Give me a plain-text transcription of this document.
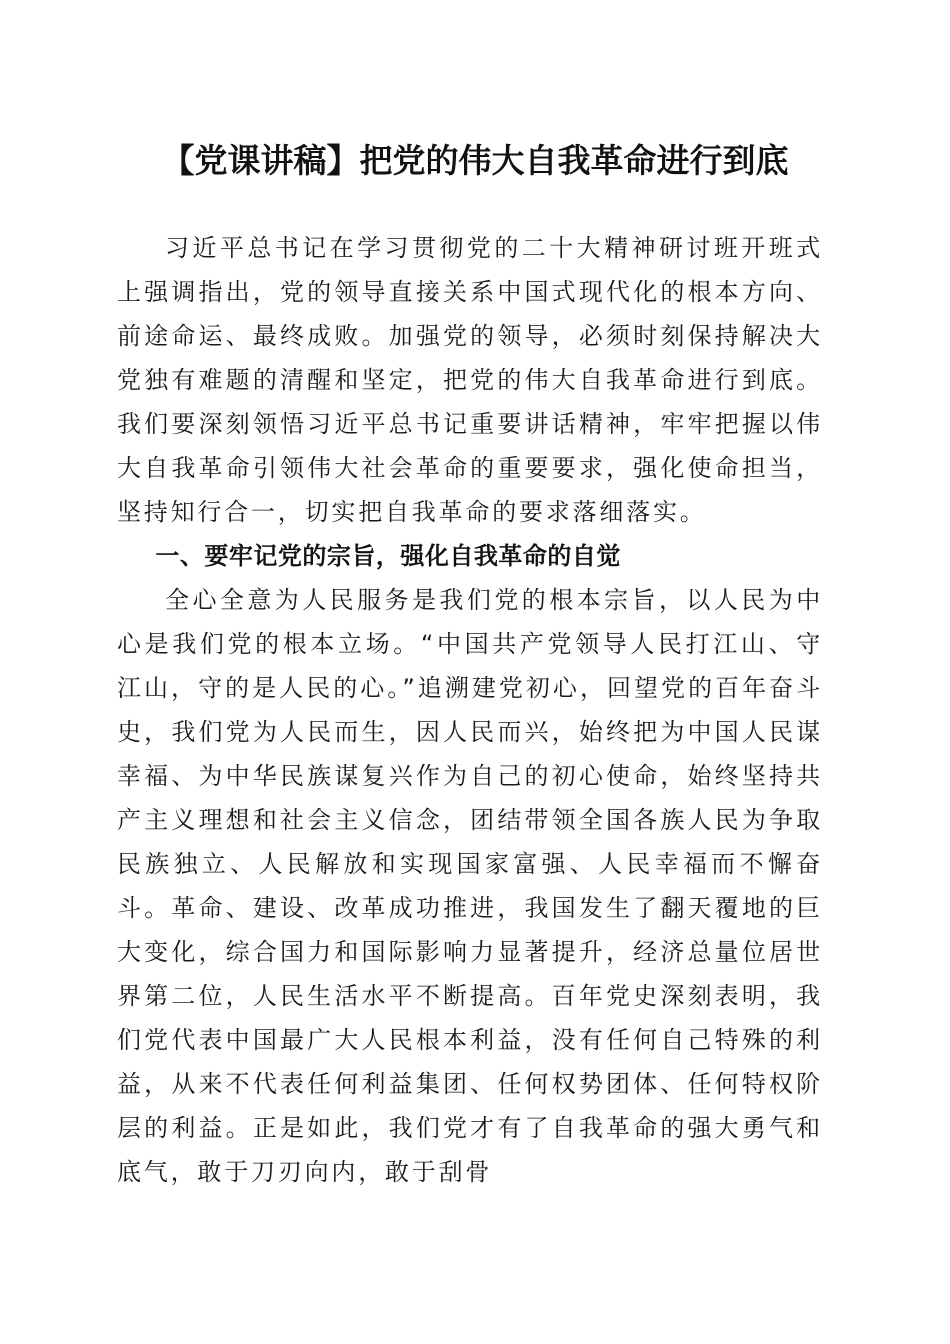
【党课讲稿】把党的伟大自我革命进行到底

习近平总书记在学习贯彻党的二十大精神研讨班开班式上强调指出，党的领导直接关系中国式现代化的根本方向、前途命运、最终成败。加强党的领导，必须时刻保持解决大党独有难题的清醒和坚定，把党的伟大自我革命进行到底。我们要深刻领悟习近平总书记重要讲话精神，牢牢把握以伟大自我革命引领伟大社会革命的重要要求，强化使命担当，坚持知行合一，切实把自我革命的要求落细落实。

一、要牢记党的宗旨，强化自我革命的自觉

全心全意为人民服务是我们党的根本宗旨，以人民为中心是我们党的根本立场。“中国共产党领导人民打江山、守江山，守的是人民的心。”追溯建党初心，回望党的百年奋斗史，我们党为人民而生，因人民而兴，始终把为中国人民谋幸福、为中华民族谋复兴作为自己的初心使命，始终坚持共产主义理想和社会主义信念，团结带领全国各族人民为争取民族独立、人民解放和实现国家富强、人民幸福而不懈奋斗。革命、建设、改革成功推进，我国发生了翻天覆地的巨大变化，综合国力和国际影响力显著提升，经济总量位居世界第二位，人民生活水平不断提高。百年党史深刻表明，我们党代表中国最广大人民根本利益，没有任何自己特殊的利益，从来不代表任何利益集团、任何权势团体、任何特权阶层的利益。正是如此，我们党才有了自我革命的强大勇气和底气，敢于刀刃向内，敢于刮骨
